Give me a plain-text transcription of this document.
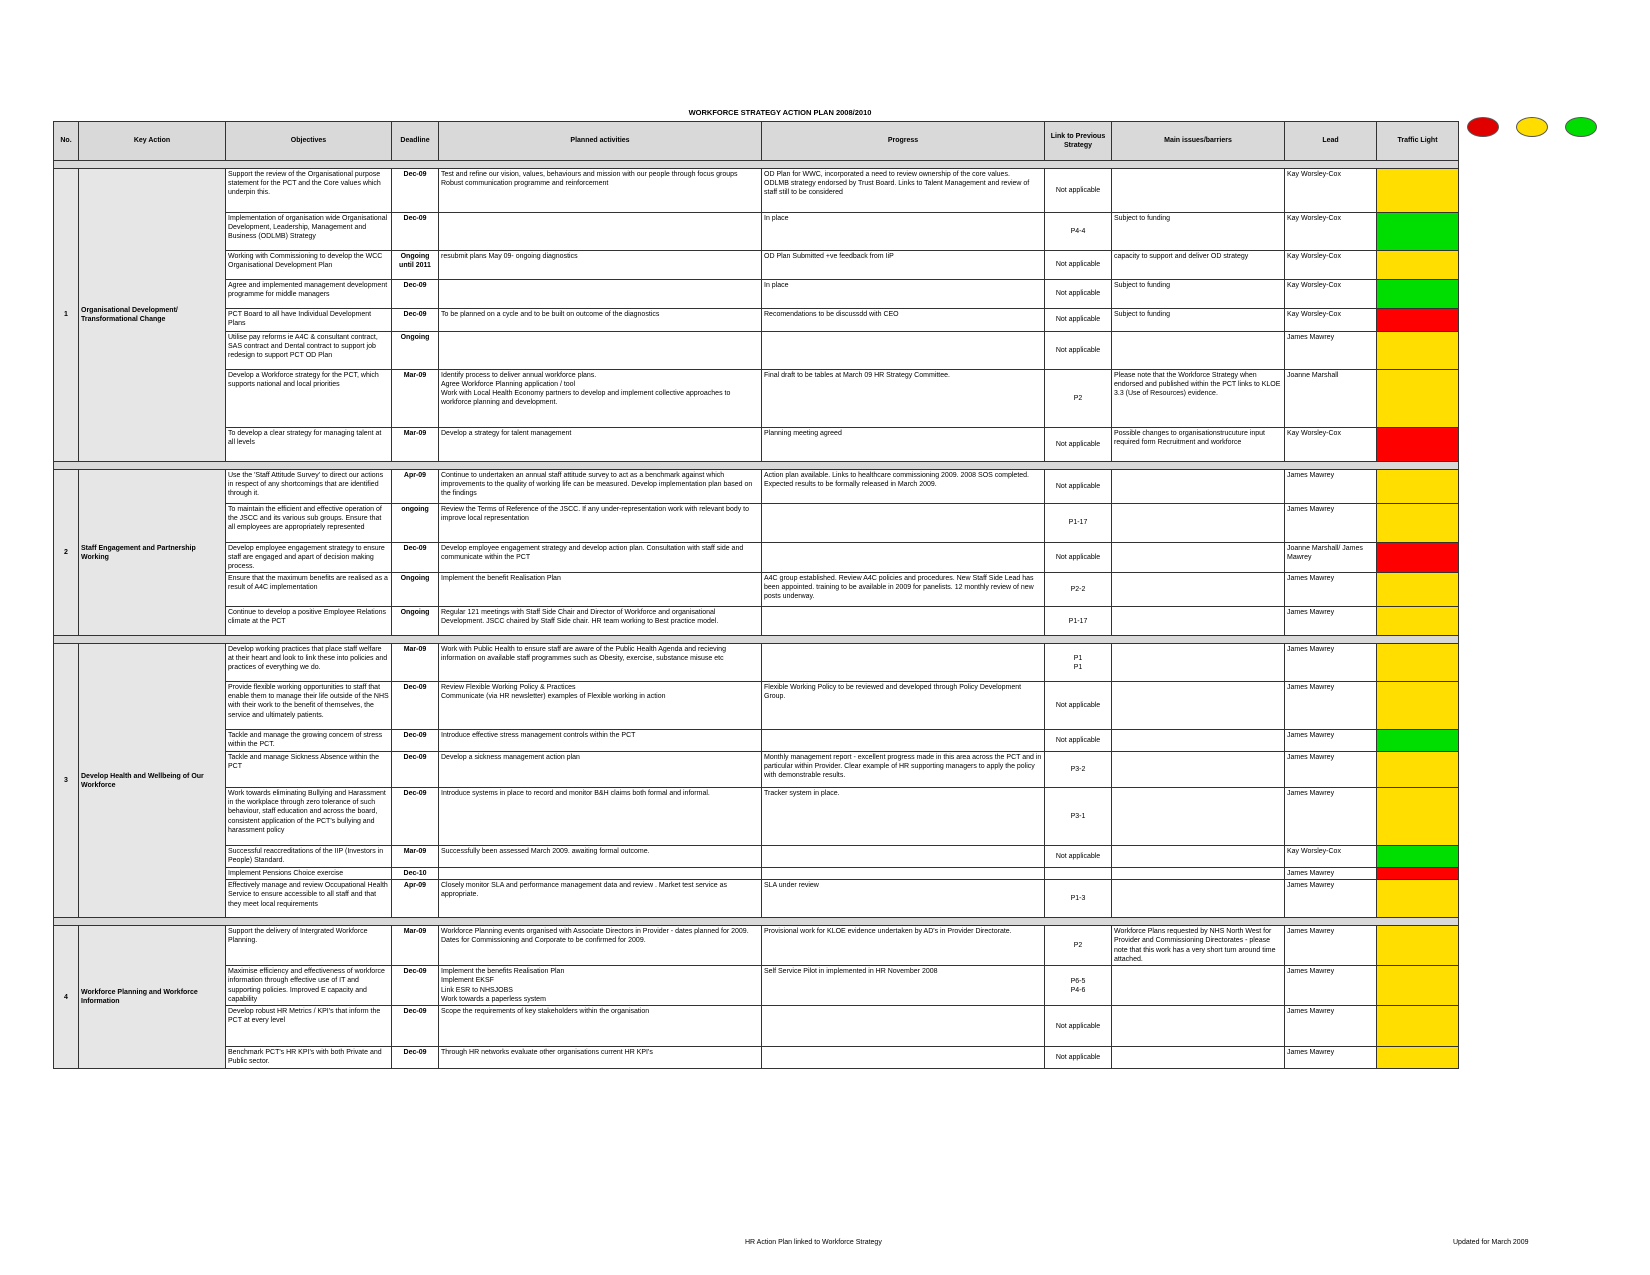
WORKFORCE STRATEGY ACTION PLAN 2008/2010
No.	Key Action	Objectives	Deadline	Planned activities	Progress	Link to Previous Strategy	Main issues/barriers	Lead	Traffic Light

1	Organisational Development/ Transformational Change	Support the review of the Organisational purpose statement for the PCT and the Core values which underpin this.	Dec-09	Test and refine our vision, values, behaviours and mission with our people through focus groups
Robust communication programme and reinforcement	OD Plan for WWC, incorporated a need to review ownership of the core values.
ODLMB strategy endorsed by Trust Board. Links to Talent Management and review of staff still to be considered	Not applicable		Kay Worsley-Cox	
		Implementation of organisation wide Organisational Development, Leadership, Management and Business (ODLMB) Strategy	Dec-09		In place	P4-4	Subject to funding	Kay Worsley-Cox	
		Working with Commissioning to develop the WCC Organisational Development Plan	Ongoing until 2011	resubmit plans May 09- ongoing diagnostics	OD Plan Submitted +ve feedback from IiP	Not applicable	capacity to support and deliver OD strategy	Kay Worsley-Cox	
		Agree and implemented management development programme for middle managers	Dec-09		In place	Not applicable	Subject to funding	Kay Worsley-Cox	
		PCT Board to all have Individual Development Plans	Dec-09	To be planned on a cycle and to be built on outcome of the diagnostics	Recomendations to be discussdd with CEO	Not applicable	Subject to funding	Kay Worsley-Cox	
		Utilise pay reforms ie A4C & consultant contract, SAS contract and Dental contract to support job redesign to support PCT OD Plan	Ongoing			Not applicable		James Mawrey	
		Develop a Workforce strategy for the PCT, which supports national and local priorities	Mar-09	Identify process to deliver annual workforce plans.
Agree Workforce Planning application / tool
Work with Local Health Economy partners to develop and implement collective approaches to workforce planning and development.	Final draft to be tables at March 09 HR Strategy Committee.	P2	Please note that the Workforce Strategy when endorsed and published within the PCT links to KLOE 3.3 (Use of Resources) evidence.	Joanne Marshall	
		To develop a clear strategy for managing talent at all levels	Mar-09	Develop a strategy for talent management	Planning meeting agreed	Not applicable	Possible changes to organisationstrucuture input required form Recruitment and workforce	Kay Worsley-Cox	

2	Staff Engagement and Partnership Working	Use the 'Staff Attitude Survey' to direct our actions in respect of any shortcomings that are identified through it.	Apr-09	Continue to undertaken an annual staff attitude survey to act as a benchmark against which improvements to the quality of working life can be measured. Develop implementation plan based on the findings	Action plan available. Links to healthcare commissioning 2009. 2008 SOS completed. Expected results to be formally released in March 2009.	Not applicable		James Mawrey	
		To maintain the efficient and effective operation of the JSCC and its various sub groups. Ensure that all employees are appropriately represented	ongoing	Review the Terms of Reference of the JSCC. If any under-representation work with relevant body to improve local representation		P1-17		James Mawrey	
		Develop employee engagement strategy to ensure staff are engaged and apart of decision making process.	Dec-09	Develop employee engagement strategy and develop action plan. Consultation with staff side and communicate within the PCT		Not applicable		Joanne Marshall/ James Mawrey	
		Ensure that the maximum benefits are realised as a result of A4C implementation	Ongoing	Implement the benefit Realisation Plan	A4C group established. Review A4C policies and procedures. New Staff Side Lead has been appointed. training to be available in 2009 for panelists. 12 monthly review of new posts underway.	P2-2		James Mawrey	
		Continue to develop a positive Employee Relations climate at the PCT	Ongoing	Regular 121 meetings with Staff Side Chair and Director of Workforce and organisational Development. JSCC chaired by Staff Side chair. HR team working to Best practice model.		P1-17		James Mawrey	

3	Develop Health and Wellbeing of Our Workforce	Develop working practices that place staff welfare at their heart and look to link these into policies and practices of everything we do.	Mar-09	Work with Public Health to ensure staff are aware of the Public Health Agenda and recieving information on available staff programmes such as Obesity, exercise, substance misuse etc		P1
P1		James Mawrey	
		Provide flexible working opportunities to staff that enable them to manage their life outside of the NHS with their work to the benefit of themselves, the service and ultimately patients.	Dec-09	Review Flexible Working Policy & Practices
Communicate (via HR newsletter) examples of Flexible working in action	Flexible Working Policy to be reviewed and developed through Policy Development Group.	Not applicable		James Mawrey	
		Tackle and manage the growing concern of stress within the PCT.	Dec-09	Introduce effective stress management controls within the PCT		Not applicable		James Mawrey	
		Tackle and manage Sickness Absence within the PCT	Dec-09	Develop a sickness management action plan	Monthly management report - excellent progress made in this area across the PCT and in particular within Provider. Clear example of HR supporting managers to apply the policy with demonstrable results.	P3-2		James Mawrey	
		Work towards eliminating Bullying and Harassment in the workplace through zero tolerance of such behaviour, staff education and across the board, consistent application of the PCT's bullying and harassment policy	Dec-09	Introduce systems in place to record and monitor B&H claims both formal and informal.	Tracker system in place.	P3-1		James Mawrey	
		Successful reaccreditations of the IIP (Investors in People) Standard.	Mar-09	Successfully been assessed March 2009. awaiting formal outcome.		Not applicable		Kay Worsley-Cox	
		Implement Pensions Choice exercise	Dec-10					James Mawrey	
		Effectively manage and review Occupational Health Service to ensure accessible to all staff and that they meet local requirements	Apr-09	Closely monitor SLA and performance management data and review . Market test service as appropriate.	SLA under review	P1-3		James Mawrey	

4	Workforce Planning and Workforce Information	Support the delivery of Intergrated Workforce Planning.	Mar-09	Workforce Planning events organised with Associate Directors in Provider - dates planned for 2009. Dates for Commissioning and Corporate to be confirmed for 2009.	Provisional work for KLOE evidence undertaken by AD's in Provider Directorate.	P2	Workforce Plans requested by NHS North West for Provider and Commissioning Directorates - please note that this work has a very short turn around time attached.	James Mawrey	
		Maximise efficiency and effectiveness of workforce information through effective use of IT and supporting policies. Improved E capacity and capability	Dec-09	Implement the benefits Realisation Plan
Implement EKSF
Link ESR to NHSJOBS
Work towards a paperless system	Self Service Pilot in implemented in HR November 2008	P6-5
P4-6		James Mawrey	
		Develop robust HR Metrics / KPI's that inform the PCT at every level	Dec-09	Scope the requirements of key stakeholders within the organisation		Not applicable		James Mawrey	
		Benchmark PCT's HR KPI's with both Private and Public sector.	Dec-09	Through HR networks evaluate other organisations current HR KPI's		Not applicable		James Mawrey	
HR Action Plan linked to Workforce Strategy	Updated for March 2009
